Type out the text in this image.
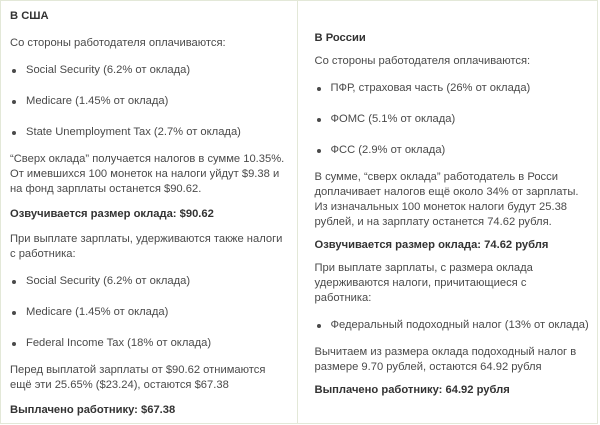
В США
Со стороны работодателя оплачиваются:
Social Security (6.2% от оклада)
Medicare (1.45% от оклада)
State Unemployment Tax (2.7% от оклада)
“Сверх оклада” получается налогов в сумме 10.35%. От имевшихся 100 монеток на налоги уйдут $9.38 и на фонд зарплаты останется $90.62.
Озвучивается размер оклада: $90.62
При выплате зарплаты, удерживаются также налоги с работника:
Social Security (6.2% от оклада)
Medicare (1.45% от оклада)
Federal Income Tax (18% от оклада)
Перед выплатой зарплаты от $90.62 отнимаются ещё эти 25.65% ($23.24), остаются $67.38
Выплачено работнику: $67.38
В России
Со стороны работодателя оплачиваются:
ПФР, страховая часть (26% от оклада)
ФОМС (5.1% от оклада)
ФСС (2.9% от оклада)
В сумме, “сверх оклада” работодатель в Росси доплачивает налогов ещё около 34% от зарплаты. Из изначальных 100 монеток налоги будут 25.38 рублей, и на зарплату останется 74.62 рубля.
Озвучивается размер оклада: 74.62 рубля
При выплате зарплаты, с размера оклада удерживаются налоги, причитающиеся с работника:
Федеральный подоходный налог (13% от оклада)
Вычитаем из размера оклада подоходный налог в размере 9.70 рублей, остаются 64.92 рубля
Выплачено работнику: 64.92 рубля
